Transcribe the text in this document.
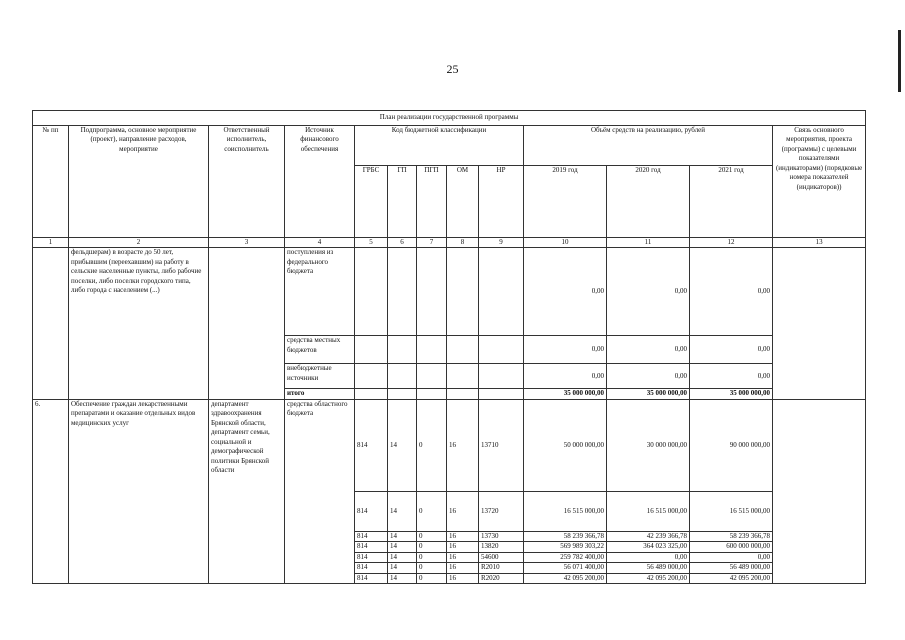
25
План реализации государственной программы												
№ пп	Подпрограмма, основное мероприятие (проект), направление расходов, мероприятие	Ответственный исполнитель, соисполнитель	Источник финансового обеспечения	Код бюджетной классификации					Объём средств на реализацию, рублей			Связь основного мероприятия, проекта (программы) с целевыми показателями (индикаторами) (порядковые номера показателей (индикаторов))
				ГРБС	ГП	ПГП	ОМ	НР	2019 год	2020 год	2021 год	
1	2	3	4	5	6	7	8	9	10	11	12	13
	фельдшерам) в возрасте до 50 лет, прибывшим (переехавшим) на работу в сельские населенные пункты, либо рабочие поселки, либо поселки городского типа, либо города с населением (...)		поступления из федерального бюджета						0,00	0,00	0,00	
			средства местных бюджетов						0,00	0,00	0,00	
			внебюджетные источники						0,00	0,00	0,00	
			итого						35 000 000,00	35 000 000,00	35 000 000,00	
6.	Обеспечение граждан лекарственными препаратами и оказание отдельных видов медицинских услуг	департамент здравоохранения Брянской области, департамент семьи, социальной и демографической политики Брянской области	средства областного бюджета	814	14	0	16	13710	50 000 000,00	30 000 000,00	90 000 000,00	
				814	14	0	16	13720	16 515 000,00	16 515 000,00	16 515 000,00	
				814	14	0	16	13730	58 239 366,78	42 239 366,78	58 239 366,78	
				814	14	0	16	13820	569 989 303,22	364 023 325,00	600 000 000,00	
				814	14	0	16	54600	259 782 400,00	0,00	0,00	
				814	14	0	16	R2010	56 071 400,00	56 489 000,00	56 489 000,00	
				814	14	0	16	R2020	42 095 200,00	42 095 200,00	42 095 200,00	
